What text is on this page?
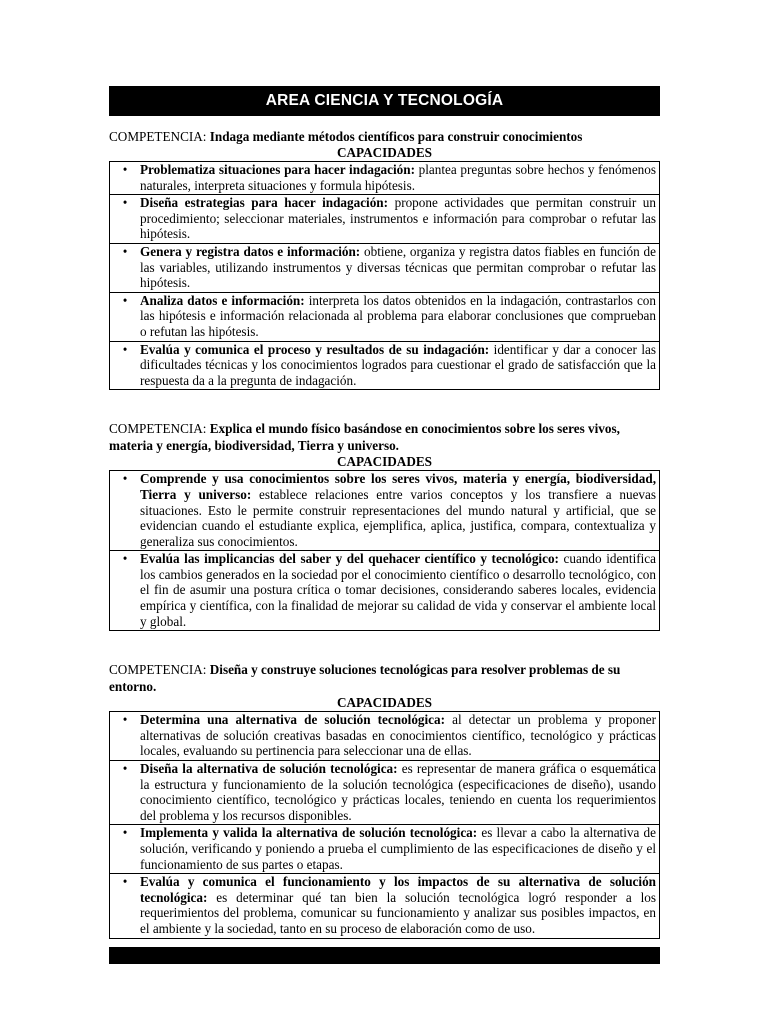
AREA CIENCIA Y TECNOLOGÍA
COMPETENCIA: Indaga mediante métodos científicos para construir conocimientos
CAPACIDADES
• Problematiza situaciones para hacer indagación: plantea preguntas sobre hechos y fenómenos naturales, interpreta situaciones y formula hipótesis.

• Diseña estrategias para hacer indagación: propone actividades que permitan construir un procedimiento; seleccionar materiales, instrumentos e información para comprobar o refutar las hipótesis.

• Genera y registra datos e información: obtiene, organiza y registra datos fiables en función de las variables, utilizando instrumentos y diversas técnicas que permitan comprobar o refutar las hipótesis.

• Analiza datos e información: interpreta los datos obtenidos en la indagación, contrastarlos con las hipótesis e información relacionada al problema para elaborar conclusiones que comprueban o refutan las hipótesis.

• Evalúa y comunica el proceso y resultados de su indagación: identificar y dar a conocer las dificultades técnicas y los conocimientos logrados para cuestionar el grado de satisfacción que la respuesta da a la pregunta de indagación.
COMPETENCIA: Explica el mundo físico basándose en conocimientos sobre los seres vivos, materia y energía, biodiversidad, Tierra y universo.
CAPACIDADES
• Comprende y usa conocimientos sobre los seres vivos, materia y energía, biodiversidad, Tierra y universo: establece relaciones entre varios conceptos y los transfiere a nuevas situaciones. Esto le permite construir representaciones del mundo natural y artificial, que se evidencian cuando el estudiante explica, ejemplifica, aplica, justifica, compara, contextualiza y generaliza sus conocimientos.

• Evalúa las implicancias del saber y del quehacer científico y tecnológico: cuando identifica los cambios generados en la sociedad por el conocimiento científico o desarrollo tecnológico, con el fin de asumir una postura crítica o tomar decisiones, considerando saberes locales, evidencia empírica y científica, con la finalidad de mejorar su calidad de vida y conservar el ambiente local y global.
COMPETENCIA: Diseña y construye soluciones tecnológicas para resolver problemas de su entorno.
CAPACIDADES
• Determina una alternativa de solución tecnológica: al detectar un problema y proponer alternativas de solución creativas basadas en conocimientos científico, tecnológico y prácticas locales, evaluando su pertinencia para seleccionar una de ellas.

• Diseña la alternativa de solución tecnológica: es representar de manera gráfica o esquemática la estructura y funcionamiento de la solución tecnológica (especificaciones de diseño), usando conocimiento científico, tecnológico y prácticas locales, teniendo en cuenta los requerimientos del problema y los recursos disponibles.

• Implementa y valida la alternativa de solución tecnológica: es llevar a cabo la alternativa de solución, verificando y poniendo a prueba el cumplimiento de las especificaciones de diseño y el funcionamiento de sus partes o etapas.

• Evalúa y comunica el funcionamiento y los impactos de su alternativa de solución tecnológica: es determinar qué tan bien la solución tecnológica logró responder a los requerimientos del problema, comunicar su funcionamiento y analizar sus posibles impactos, en el ambiente y la sociedad, tanto en su proceso de elaboración como de uso.
